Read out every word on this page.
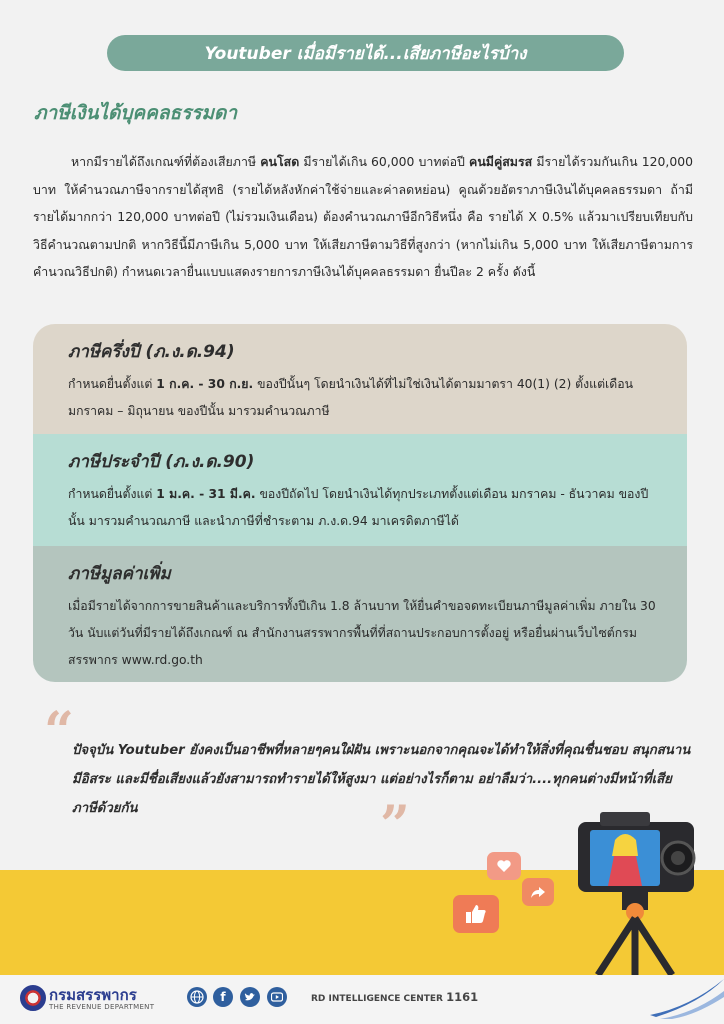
Youtuber เมื่อมีรายได้...เสียภาษีอะไรบ้าง
ภาษีเงินได้บุคคลธรรมดา
หากมีรายได้ถึงเกณฑ์ที่ต้องเสียภาษี คนโสด มีรายได้เกิน 60,000 บาทต่อปี คนมีคู่สมรส มีรายได้รวมกันเกิน 120,000 บาท ให้คำนวณภาษีจากรายได้สุทธิ (รายได้หลังหักค่าใช้จ่ายและค่าลดหย่อน) คูณด้วยอัตราภาษีเงินได้บุคคลธรรมดา ถ้ามีรายได้มากกว่า 120,000 บาทต่อปี (ไม่รวมเงินเดือน) ต้องคำนวณภาษีอีกวิธีหนึ่ง คือ รายได้ X 0.5% แล้วมาเปรียบเทียบกับวิธีคำนวณตามปกติ หากวิธีนี้มีภาษีเกิน 5,000 บาท ให้เสียภาษีตามวิธีที่สูงกว่า (หากไม่เกิน 5,000 บาท ให้เสียภาษีตามการคำนวณวิธีปกติ) กำหนดเวลายื่นแบบแสดงรายการภาษีเงินได้บุคคลธรรมดา ยื่นปีละ 2 ครั้ง ดังนี้
ภาษีครึ่งปี (ภ.ง.ด.94)
กำหนดยื่นตั้งแต่ 1 ก.ค. - 30 ก.ย. ของปีนั้นๆ โดยนำเงินได้ที่ไม่ใช่เงินได้ตามมาตรา 40(1) (2) ตั้งแต่เดือน มกราคม – มิถุนายน ของปีนั้น มารวมคำนวณภาษี
ภาษีประจำปี (ภ.ง.ด.90)
กำหนดยื่นตั้งแต่ 1 ม.ค. - 31 มี.ค. ของปีถัดไป โดยนำเงินได้ทุกประเภทตั้งแต่เดือน มกราคม - ธันวาคม ของปีนั้น มารวมคำนวณภาษี และนำภาษีที่ชำระตาม ภ.ง.ด.94 มาเครดิตภาษีได้
ภาษีมูลค่าเพิ่ม
เมื่อมีรายได้จากการขายสินค้าและบริการทั้งปีเกิน 1.8 ล้านบาท ให้ยื่นคำขอจดทะเบียนภาษีมูลค่าเพิ่ม ภายใน 30 วัน นับแต่วันที่มีรายได้ถึงเกณฑ์ ณ สำนักงานสรรพากรพื้นที่ที่สถานประกอบการตั้งอยู่ หรือยื่นผ่านเว็บไซต์กรมสรรพากร www.rd.go.th
“
ปัจจุบัน Youtuber ยังคงเป็นอาชีพที่หลายๆคนใฝ่ฝัน เพราะนอกจากคุณจะได้ทำให้สิ่งที่คุณชื่นชอบ สนุกสนาน มีอิสระ และมีชื่อเสียงแล้วยังสามารถทำรายได้ให้สูงมา แต่อย่างไรก็ตาม อย่าลืมว่า....ทุกคนต่างมีหน้าที่เสียภาษีด้วยกัน	”
กรมสรรพากร
THE REVENUE DEPARTMENT
f	RD INTELLIGENCE CENTER 1161
